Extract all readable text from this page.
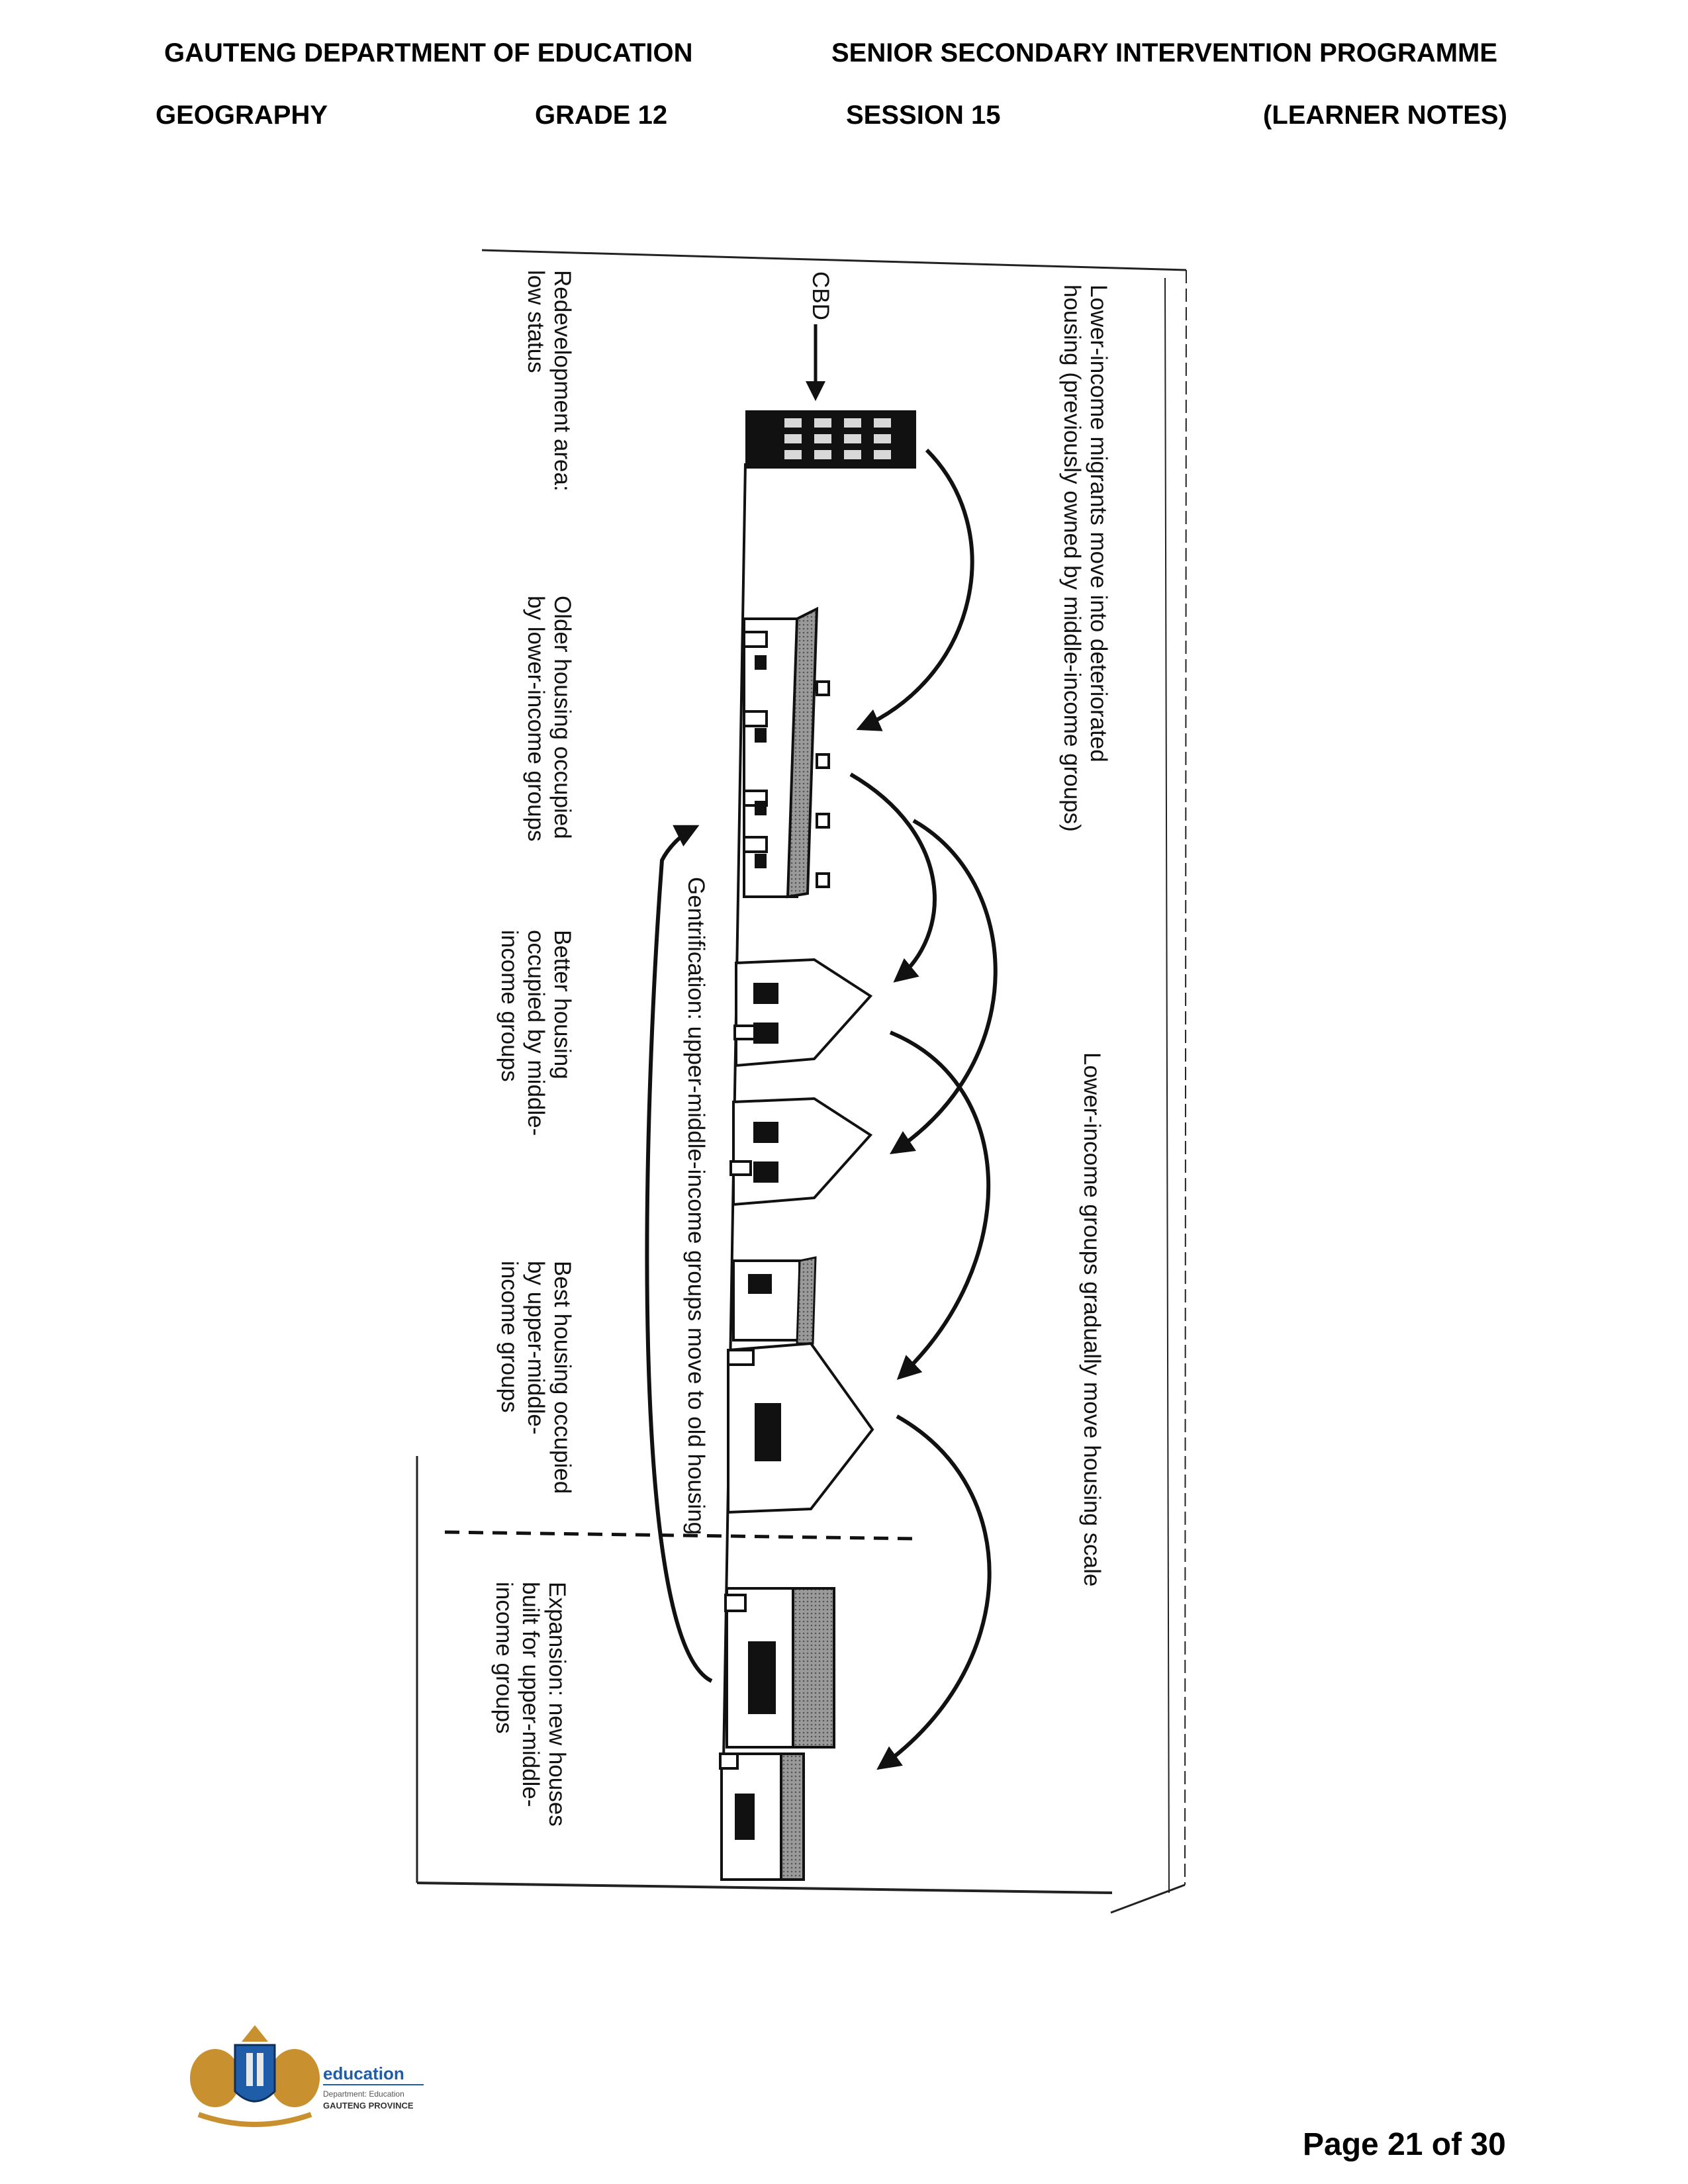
GAUTENG DEPARTMENT OF EDUCATION	SENIOR SECONDARY INTERVENTION PROGRAMME
GEOGRAPHY	GRADE 12	SESSION 15	(LEARNER NOTES)
CBD	Lower-income migrants move into deteriorated
housing (previously owned by middle-income groups)
Lower-income groups gradually move housing scale
Gentrification: upper-middle-income groups move to old housing
Redevelopment area:
low status
Older housing occupied
by lower-income groups
Better housing
occupied by middle-
income groups
Best housing occupied
by upper-middle-
income groups
Expansion: new houses
built for upper-middle-
income groups
education
Department: Education
GAUTENG PROVINCE
Page 21 of 30
